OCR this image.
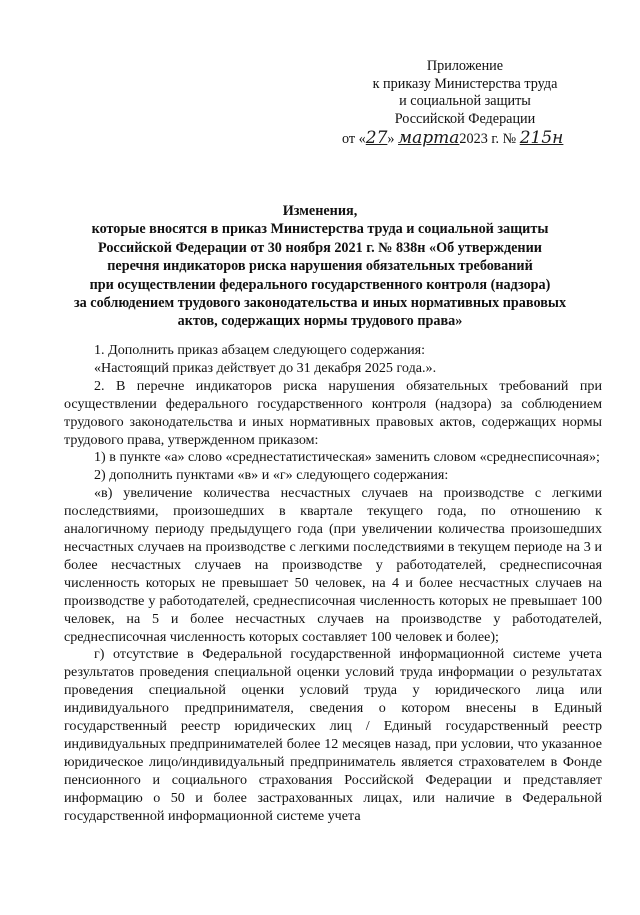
Приложение
к приказу Министерства труда
и социальной защиты
Российской Федерации
от «27» марта2023 г. № 215н
Изменения,
которые вносятся в приказ Министерства труда и социальной защиты
Российской Федерации от 30 ноября 2021 г. № 838н «Об утверждении
перечня индикаторов риска нарушения обязательных требований
при осуществлении федерального государственного контроля (надзора)
за соблюдением трудового законодательства и иных нормативных правовых
актов, содержащих нормы трудового права»

1. Дополнить приказ абзацем следующего содержания:

«Настоящий приказ действует до 31 декабря 2025 года.».

2. В перечне индикаторов риска нарушения обязательных требований при осуществлении федерального государственного контроля (надзора) за соблюдением трудового законодательства и иных нормативных правовых актов, содержащих нормы трудового права, утвержденном приказом:

1) в пункте «а» слово «среднестатистическая» заменить словом «среднесписочная»;

2) дополнить пунктами «в» и «г» следующего содержания:

«в) увеличение количества несчастных случаев на производстве с легкими последствиями, произошедших в квартале текущего года, по отношению к аналогичному периоду предыдущего года (при увеличении количества произошедших несчастных случаев на производстве с легкими последствиями в текущем периоде на 3 и более несчастных случаев на производстве у работодателей, среднесписочная численность которых не превышает 50 человек, на 4 и более несчастных случаев на производстве у работодателей, среднесписочная численность которых не превышает 100 человек, на 5 и более несчастных случаев на производстве у работодателей, среднесписочная численность которых составляет 100 человек и более);

г) отсутствие в Федеральной государственной информационной системе учета результатов проведения специальной оценки условий труда информации о результатах проведения специальной оценки условий труда у юридического лица или индивидуального предпринимателя, сведения о котором внесены в Единый государственный реестр юридических лиц / Единый государственный реестр индивидуальных предпринимателей более 12 месяцев назад, при условии, что указанное юридическое лицо/индивидуальный предприниматель является страхователем в Фонде пенсионного и социального страхования Российской Федерации и представляет информацию о 50 и более застрахованных лицах, или наличие в Федеральной государственной информационной системе учета
